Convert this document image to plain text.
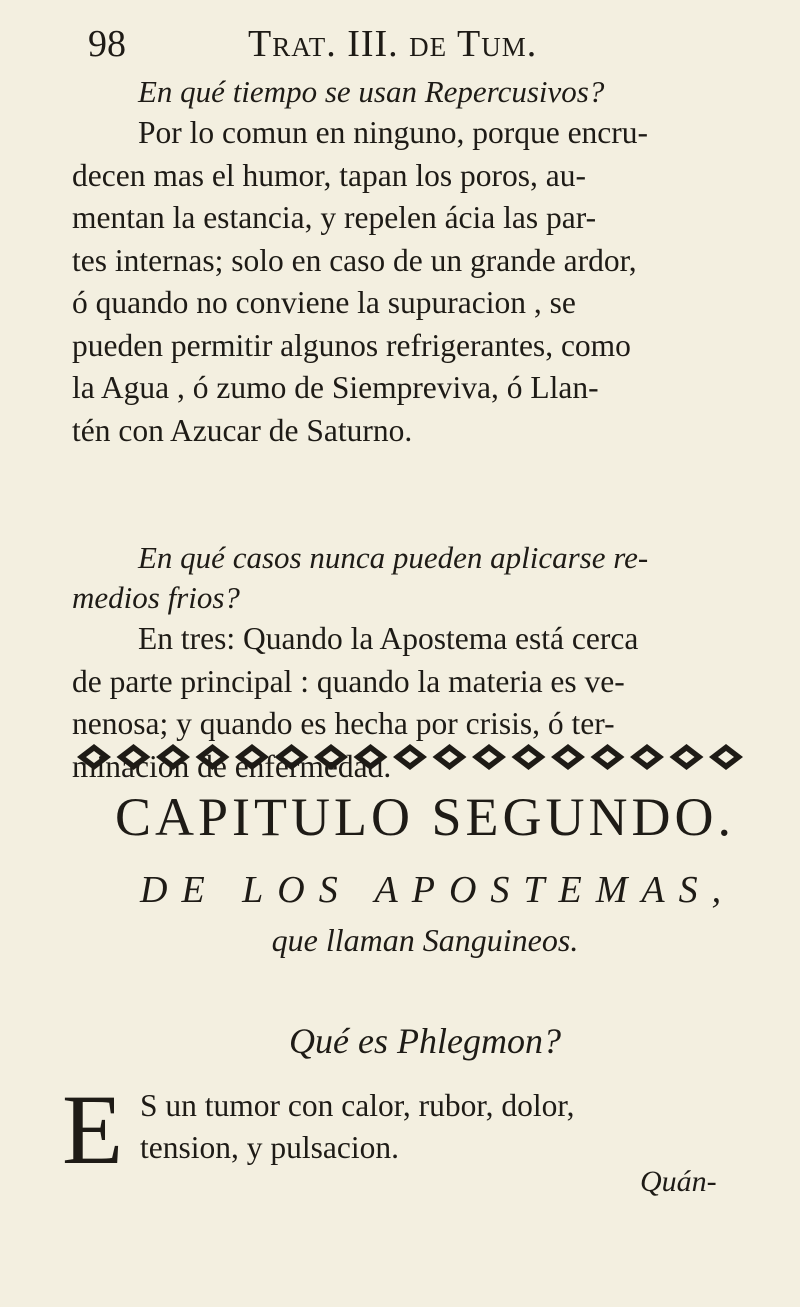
98	Trat. III. de Tum.
En qué tiempo se usan Repercusivos?
Por lo comun en ninguno, porque encru-
decen mas el humor, tapan los poros, au-
mentan la estancia, y repelen ácia las par-
tes internas; solo en caso de un grande ardor,
ó quando no conviene la supuracion , se
pueden permitir algunos refrigerantes, como
la Agua , ó zumo de Siempreviva, ó Llan-
tén con Azucar de Saturno.
En qué casos nunca pueden aplicarse re-
medios frios?
En tres: Quando la Apostema está cerca
de parte principal : quando la materia es ve-
nenosa; y quando es hecha por crisis, ó ter-
minacion de enfermedad.
CAPITULO SEGUNDO.
DE LOS APOSTEMAS,
que llaman Sanguineos.
Qué es Phlegmon?
E S un tumor con calor, rubor, dolor,
tension, y pulsacion.
Quán-
